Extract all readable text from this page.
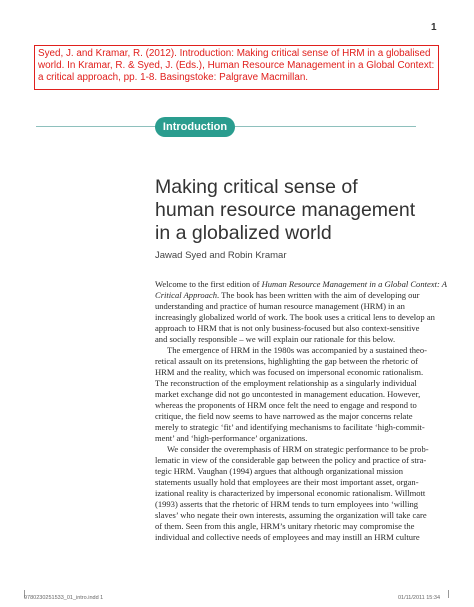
1
Syed, J. and Kramar, R. (2012). Introduction: Making critical sense of HRM in a globalised
world. In Kramar, R. & Syed, J. (Eds.), Human Resource Management in a Global Context:
a critical approach, pp. 1-8. Basingstoke: Palgrave Macmillan.
Introduction
Making critical sense of
human resource management
in a globalized world
Jawad Syed and Robin Kramar
Welcome to the first edition of Human Resource Management in a Global Context: A
Critical Approach. The book has been written with the aim of developing our
understanding and practice of human resource management (HRM) in an
increasingly globalized world of work. The book uses a critical lens to develop an
approach to HRM that is not only business-focused but also context-sensitive
and socially responsible – we will explain our rationale for this below.
The emergence of HRM in the 1980s was accompanied by a sustained theo-
retical assault on its pretensions, highlighting the gap between the rhetoric of
HRM and the reality, which was focused on impersonal economic rationalism.
The reconstruction of the employment relationship as a singularly individual
market exchange did not go uncontested in management education. However,
whereas the proponents of HRM once felt the need to engage and respond to
critique, the field now seems to have narrowed as the major concerns relate
merely to strategic ‘fit’ and identifying mechanisms to facilitate ‘high-commit-
ment’ and ‘high-performance’ organizations.
We consider the overemphasis of HRM on strategic performance to be prob-
lematic in view of the considerable gap between the policy and practice of stra-
tegic HRM. Vaughan (1994) argues that although organizational mission
statements usually hold that employees are their most important asset, organ-
izational reality is characterized by impersonal economic rationalism. Willmott
(1993) asserts that the rhetoric of HRM tends to turn employees into ‘willing
slaves’ who negate their own interests, assuming the organization will take care
of them. Seen from this angle, HRM’s unitary rhetoric may compromise the
individual and collective needs of employees and may instill an HRM culture
9780230251533_01_intro.indd 1	01/11/2011 15:34
